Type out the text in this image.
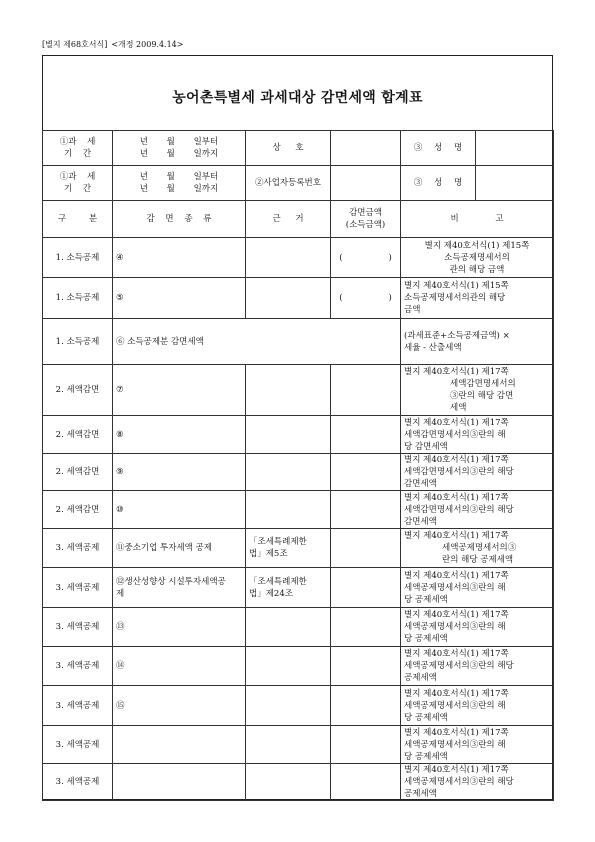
[별지 제68호서식] <개정 2009.4.14>
농어촌특별세 과세대상 감면세액 합계표
①과 세
기 간	년 월 일부터
년 월 일까지	상 호		③ 성 명	

①과 세
기 간	년 월 일부터
년 월 일까지	②사업자등록번호		③ 성 명	
구 분	감 면 종 류	근 거	감면금액
(소득금액)	비 고	
1. 소득공제	④		(                 )	별지 제40호서식(1) 제15쪽
소득공제명세서의
관의 해당 금액	

1. 소득공제	⑤		(                 )	별지 제40호서식(1) 제15쪽
소득공제명세서의관의 해당
금액	

1. 소득공제	⑥ 소득공제분 감면세액			(과세표준+소득공제금액) ×
세율 - 산출세액	

2. 세액감면	⑦			별지 제40호서식(1) 제17쪽
세액감면명세서의
③란의 해당 감면
세액	

2. 세액감면	⑧			별지 제40호서식(1) 제17쪽
세액감면명세서의③란의 해
당 감면세액	

2. 세액감면	⑨			별지 제40호서식(1) 제17쪽
세액감면명세서의③란의 해당
감면세액	

2. 세액감면	⑩			별지 제40호서식(1) 제17쪽
세액감면명세서의③란의 해당
감면세액	

3. 세액공제	⑪중소기업 투자세액 공제	「조세특례제한
법」제5조		별지 제40호서식(1) 제17쪽
세액공제명세서의③
란의 해당 공제세액	

3. 세액공제	⑫생산성향상 시설투자세액공
제	「조세특례제한
법」제24조		별지 제40호서식(1) 제17쪽
세액공제명세서의③란의 해
당 공제세액	

3. 세액공제	⑬			별지 제40호서식(1) 제17쪽
세액공제명세서의③란의 해
당 공제세액	

3. 세액공제	⑭			별지 제40호서식(1) 제17쪽
세액공제명세서의③란의 해당
공제세액	

3. 세액공제	⑮			별지 제40호서식(1) 제17쪽
세액공제명세서의③란의 해
당 공제세액	

3. 세액공제				별지 제40호서식(1) 제17쪽
세액공제명세서의③란의 해
당 공제세액	

3. 세액공제				별지 제40호서식(1) 제17쪽
세액공제명세서의③란의 해당
공제세액	
